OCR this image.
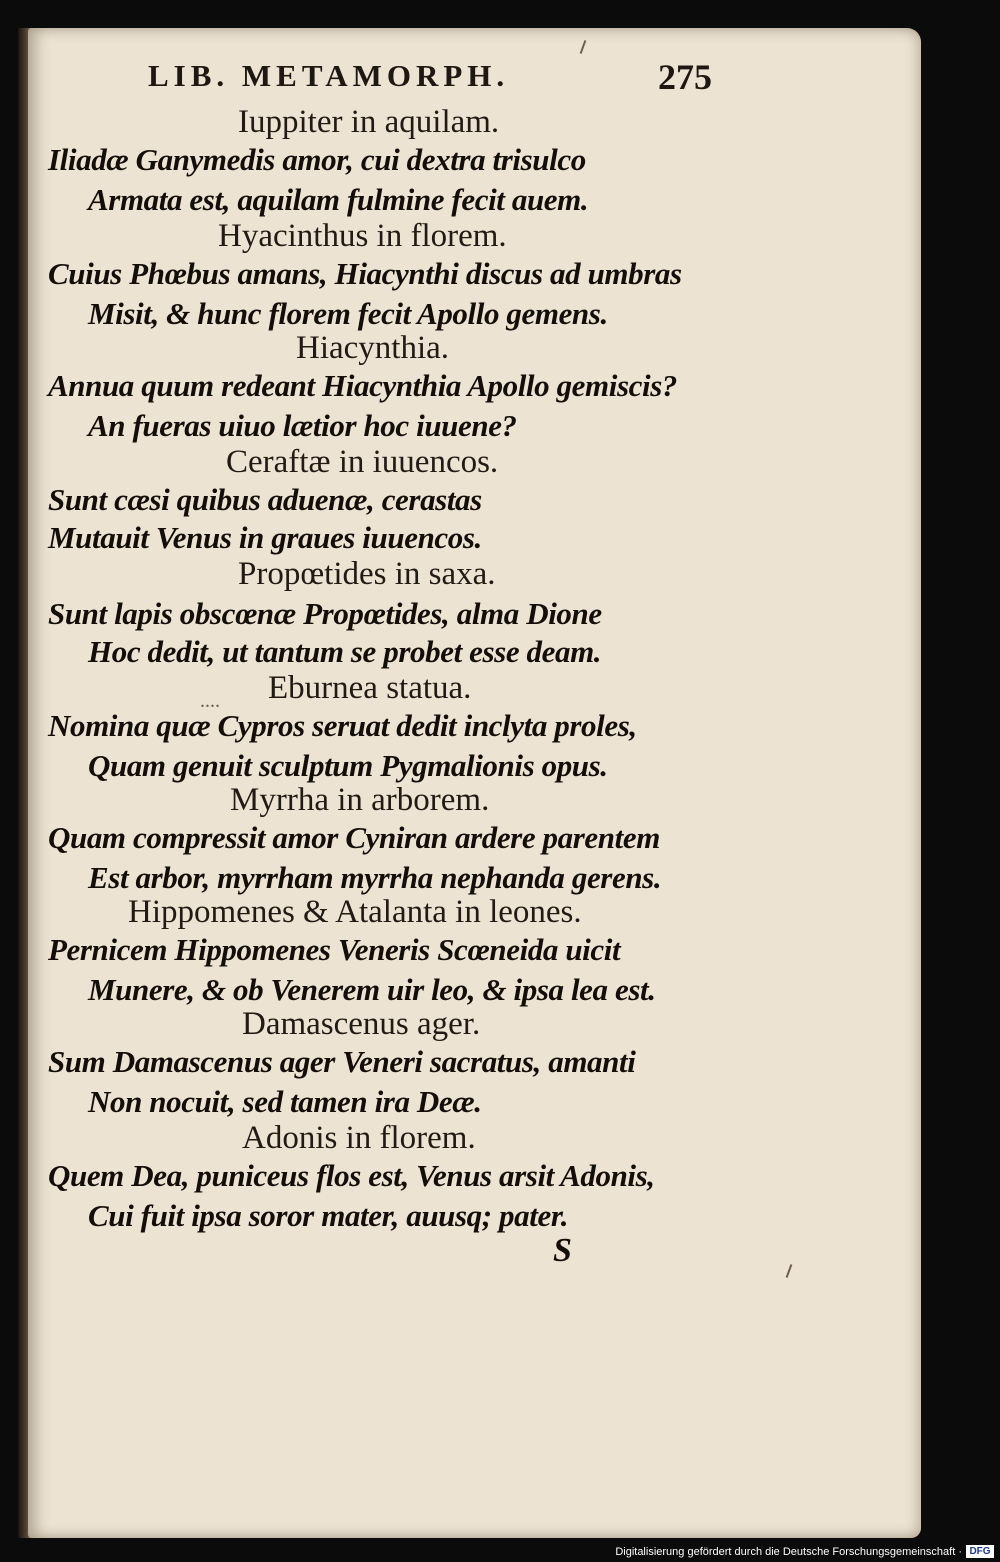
LIB. METAMORPH.	275
Iuppiter in aquilam.
Iliadæ Ganymedis amor, cui dextra trisulco
Armata est, aquilam fulmine fecit auem.
Hyacinthus in florem.
Cuius Phœbus amans, Hiacynthi discus ad umbras
Misit, & hunc florem fecit Apollo gemens.
Hiacynthia.
Annua quum redeant Hiacynthia Apollo gemiscis?
An fueras uiuo lætior hoc iuuene?
Ceraftæ in iuuencos.
Sunt cæsi quibus aduenæ, cerastas
Mutauit Venus in graues iuuencos.
Propœtides in saxa.
Sunt lapis obscœnæ Propœtides, alma Dione
Hoc dedit, ut tantum se probet esse deam.
.... Eburnea statua.
Nomina quæ Cypros seruat dedit inclyta proles,
Quam genuit sculptum Pygmalionis opus.
Myrrha in arborem.
Quam compressit amor Cyniran ardere parentem
Est arbor, myrrham myrrha nephanda gerens.
Hippomenes & Atalanta in leones.
Pernicem Hippomenes Veneris Scœneida uicit
Munere, & ob Venerem uir leo, & ipsa lea est.
Damascenus ager.
Sum Damascenus ager Veneri sacratus, amanti
Non nocuit, sed tamen ira Deæ.
Adonis in florem.
Quem Dea, puniceus flos est, Venus arsit Adonis,
Cui fuit ipsa soror mater, auusq; pater.
S
Digitalisierung gefördert durch die Deutsche Forschungsgemeinschaft · DFG
